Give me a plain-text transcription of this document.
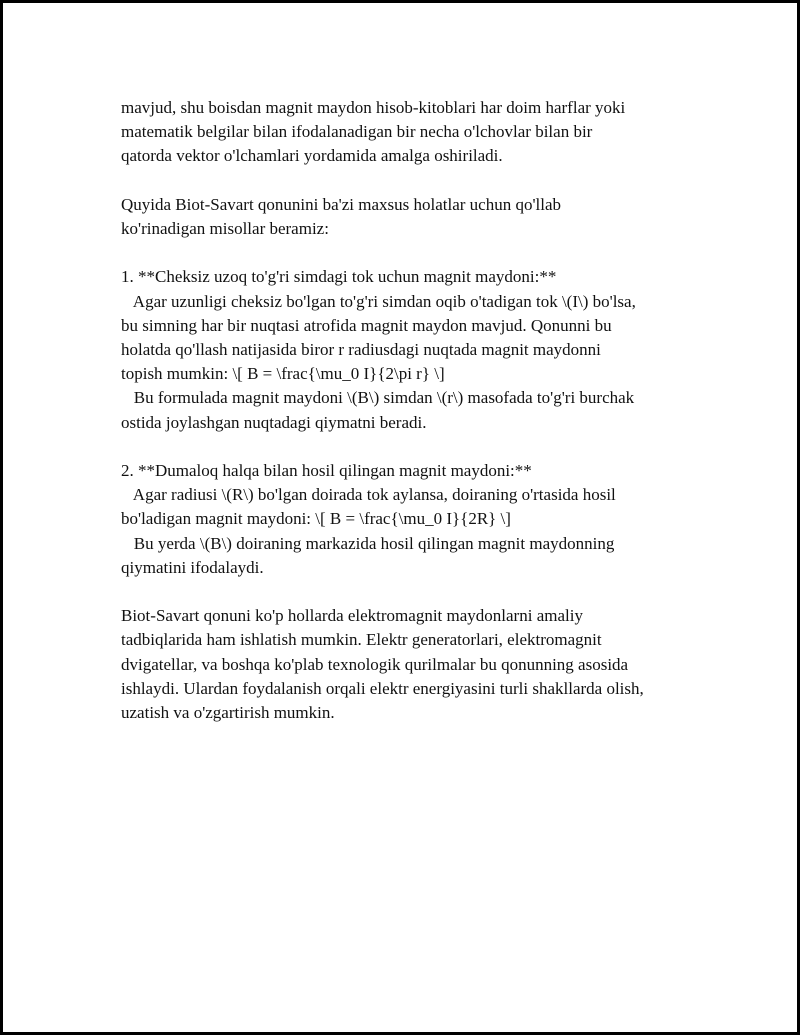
mavjud, shu boisdan magnit maydon hisob-kitoblari har doim harflar yoki
matematik belgilar bilan ifodalanadigan bir necha o'lchovlar bilan bir
qatorda vektor o'lchamlari yordamida amalga oshiriladi.

Quyida Biot-Savart qonunini ba'zi maxsus holatlar uchun qo'llab
ko'rinadigan misollar beramiz:

1. **Cheksiz uzoq to'g'ri simdagi tok uchun magnit maydoni:**
Agar uzunligi cheksiz bo'lgan to'g'ri simdan oqib o'tadigan tok \(I\) bo'lsa,
bu simning har bir nuqtasi atrofida magnit maydon mavjud. Qonunni bu
holatda qo'llash natijasida biror r radiusdagi nuqtada magnit maydonni
topish mumkin: \[ B = \frac{\mu_0 I}{2\pi r} \]
Bu formulada magnit maydoni \(B\) simdan \(r\) masofada to'g'ri burchak
ostida joylashgan nuqtadagi qiymatni beradi.

2. **Dumaloq halqa bilan hosil qilingan magnit maydoni:**
Agar radiusi \(R\) bo'lgan doirada tok aylansa, doiraning o'rtasida hosil
bo'ladigan magnit maydoni: \[ B = \frac{\mu_0 I}{2R} \]
Bu yerda \(B\) doiraning markazida hosil qilingan magnit maydonning
qiymatini ifodalaydi.

Biot-Savart qonuni ko'p hollarda elektromagnit maydonlarni amaliy
tadbiqlarida ham ishlatish mumkin. Elektr generatorlari, elektromagnit
dvigatellar, va boshqa ko'plab texnologik qurilmalar bu qonunning asosida
ishlaydi. Ulardan foydalanish orqali elektr energiyasini turli shakllarda olish,
uzatish va o'zgartirish mumkin.
